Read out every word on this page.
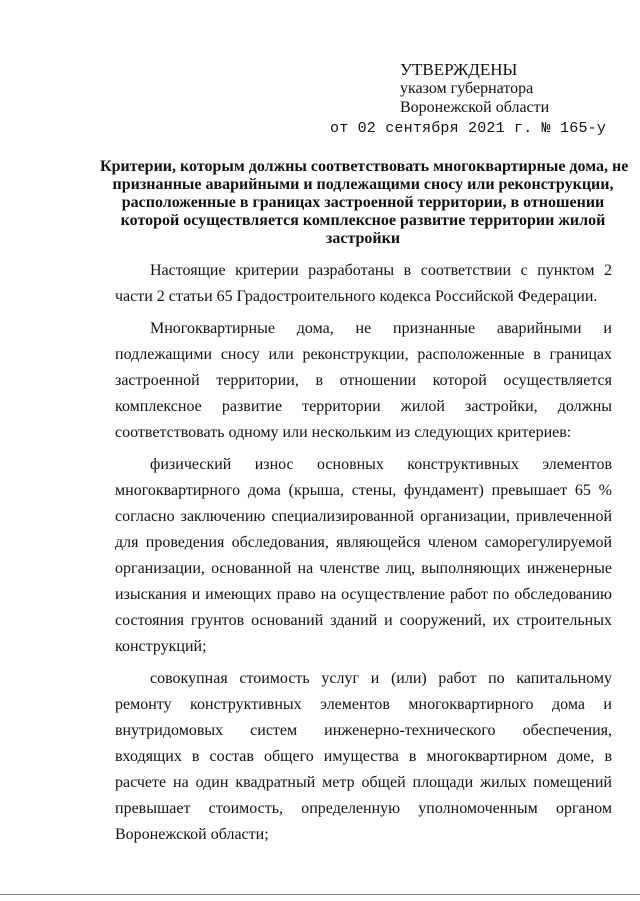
УТВЕРЖДЕНЫ
указом губернатора
Воронежской области
от 02 сентября 2021 г. № 165-у
Критерии, которым должны соответствовать многоквартирные дома, не
признанные аварийными и подлежащими сносу или реконструкции,
расположенные в границах застроенной территории, в отношении
которой осуществляется комплексное развитие территории жилой
застройки

Настоящие критерии разработаны в соответствии с пунктом 2 части 2 статьи 65 Градостроительного кодекса Российской Федерации.

Многоквартирные дома, не признанные аварийными и подлежащими сносу или реконструкции, расположенные в границах застроенной территории, в отношении которой осуществляется комплексное развитие территории жилой застройки, должны соответствовать одному или нескольким из следующих критериев:

физический износ основных конструктивных элементов многоквартирного дома (крыша, стены, фундамент) превышает 65 % согласно заключению специализированной организации, привлеченной для проведения обследования, являющейся членом саморегулируемой организации, основанной на членстве лиц, выполняющих инженерные изыскания и имеющих право на осуществление работ по обследованию состояния грунтов оснований зданий и сооружений, их строительных конструкций;

совокупная стоимость услуг и (или) работ по капитальному ремонту конструктивных элементов многоквартирного дома и внутридомовых систем инженерно-технического обеспечения, входящих в состав общего имущества в многоквартирном доме, в расчете на один квадратный метр общей площади жилых помещений превышает стоимость, определенную уполномоченным органом Воронежской области;
